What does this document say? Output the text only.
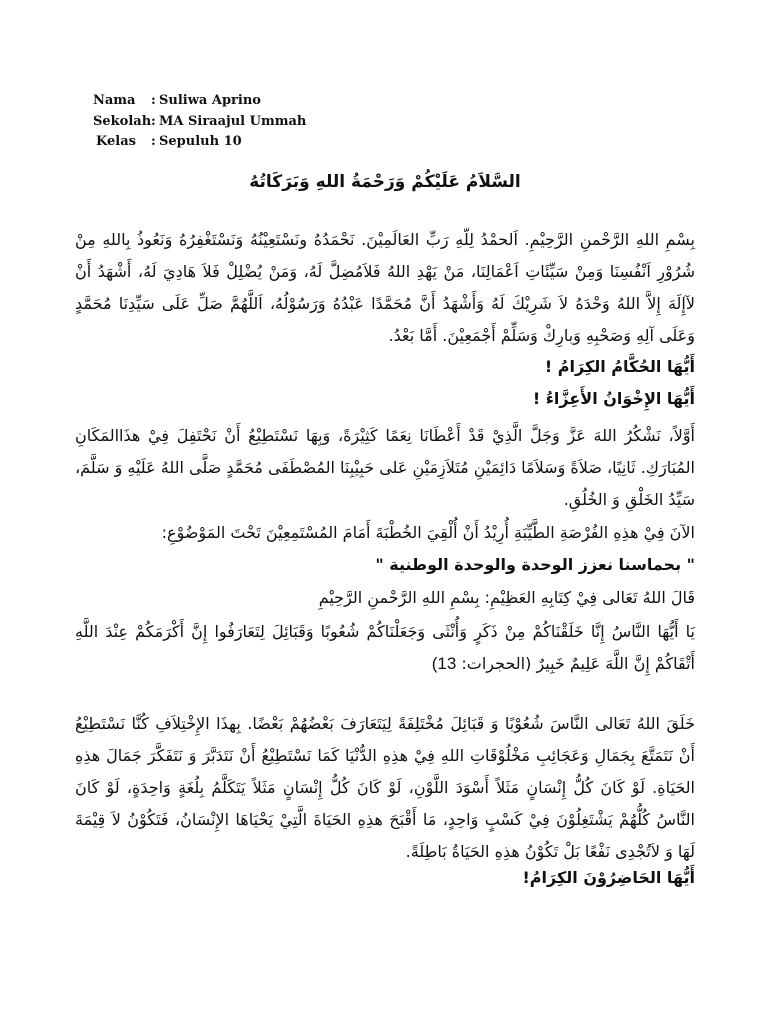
Nama	: Suliwa Aprino
Sekolah : MA Siraajul Ummah
Kelas	: Sepuluh 10
السَّلاَمُ عَلَيْكُمْ وَرَحْمَةُ اللهِ وَبَرَكَاتُهُ
بِسْمِ اللهِ الرَّحْمنِ الرَّحِيْمِ. اَلحمْدُ لِلّهِ رَبِّ العَالَمِيْنَ. نَحْمَدُهُ ونَسْتَعِيْنُهُ وَنَسْتَغْفِرُهُ وَنَعُوذُ بِاللهِ مِنْ شُرُوْرِ اَنْفُسِنَا وَمِنْ سَيِّئَاتِ اَعْمَالِنَا، مَنْ يَهْدِ اللهُ فَلاَمُضِلَّ لَهُ، وَمَنْ يُضْلِلْ فَلاَ هَادِيَ لَهُ، أَشْهَدُ أَنْ لآإِلَهَ إِلاَّ اللهُ وَحْدَهُ لاَ شَرِيْكَ لَهُ وَأَشْهَدُ أَنَّ مُحَمَّدًا عَبْدُهُ وَرَسُوْلُهُ، اَللَّهُمَّ صَلِّ عَلَى سَيِّدِنَا مُحَمَّدٍ وَعَلَى آلِهِ وَصَحْبِهِ وَبارِكْ وَسَلِّمْ أَجْمَعِيْنَ. أَمَّا بَعْدُ.
أَيُّهَا الحُكَّامُ الكِرَامُ !
أَيُّهَا الإِخْوَانُ الأَعِزَّاءُ !
أَوَّلاً، نَشْكُرُ اللهَ عَزَّ وَجَلَّ الَّذِيْ قَدْ أَعْطَانَا نِعَمًا كَثِيْرَةً، وَبِهَا نَسْتَطِيْعُ أَنْ نَحْتَفِلَ فِيْ هذَاالمَكَانِ المُبَارَكِ. ثَانِيًا، صَلاَةً وَسَلاَمًا دَائِمَيْنِ مُتَلاَزِمَيْنِ عَلى حَبِيْبِنَا المُصْطَفَى مُحَمَّدٍ صَلَّى اللهُ عَلَيْهِ وَ سَلَّمَ، سَيِّدُ الخَلْقِ وَ الخُلُقِ.
الآنَ فِيْ هذِهِ الفُرْصَةِ الطَّيِّبَةِ أُرِيْدُ أَنْ أُلْقِيَ الخُطْبَةَ أَمَامَ المُسْتَمِعِيْنَ تَحْتَ المَوْضُوْعِ:
" بحماسنا نعزز الوحدة والوحدة الوطنية "
قَالَ اللهُ تَعَالى فِيْ كِتَابِهِ العَظِيْمِ: بِسْمِ اللهِ الرَّحْمنِ الرَّحِيْمِ
يَا أَيُّهَا النَّاسُ إِنَّا خَلَقْنَاكُمْ مِنْ ذَكَرٍ وَأُنْثَى وَجَعَلْنَاكُمْ شُعُوبًا وَقَبَائِلَ لِتَعَارَفُوا إِنَّ أَكْرَمَكُمْ عِنْدَ اللَّهِ أَتْقَاكُمْ إِنَّ اللَّهَ عَلِيمٌ خَبِيرٌ (الحجرات: 13)
خَلَقَ اللهُ تَعَالى النَّاسَ شُعُوْبًا وَ قَبَائِلَ مُخْتَلِفَةً لِيَتَعَارَفَ بَعْضُهُمْ بَعْضًا. بِهذَا الإِخْتِلاَفِ كُنَّا نَسْتَطِيْعُ أَنْ نَتَمَتَّعَ بِجَمَالِ وَعَجَائِبِ مَخْلُوْقَاتِ اللهِ فِيْ هذِهِ الدُّنْيَا كَمَا نَسْتَطِيْعُ أَنْ نَتَدَبَّرَ وَ نَتَفَكَّرَ جَمَالَ هذِهِ الحَيَاةِ. لَوْ كَانَ كُلُّ إِنْسَانٍ مَثَلاً أَسْوَدَ اللَّوْنِ، لَوْ كَانَ كُلُّ إِنْسَانٍ مَثَلاً يَتَكَلَّمُ بِلُغَةٍ وَاحِدَةٍ، لَوْ كَانَ النَّاسُ كُلُّهُمْ يَشْتَغِلُوْنَ فِيْ كَسْبٍ وَاحِدٍ، مَا أَقْبَحَ هذِهِ الحَيَاةَ الَّتِيْ يَحْيَاهَا الإِنْسَانُ، فَتَكُوْنُ لاَ قِيْمَةَ لَهَا وَ لاَتُجْدِى نَفْعًا بَلْ تَكُوْنُ هذِهِ الحَيَاةُ بَاطِلَةً.
أَيُّهَا الحَاضِرُوْنَ الكِرَامُ!
